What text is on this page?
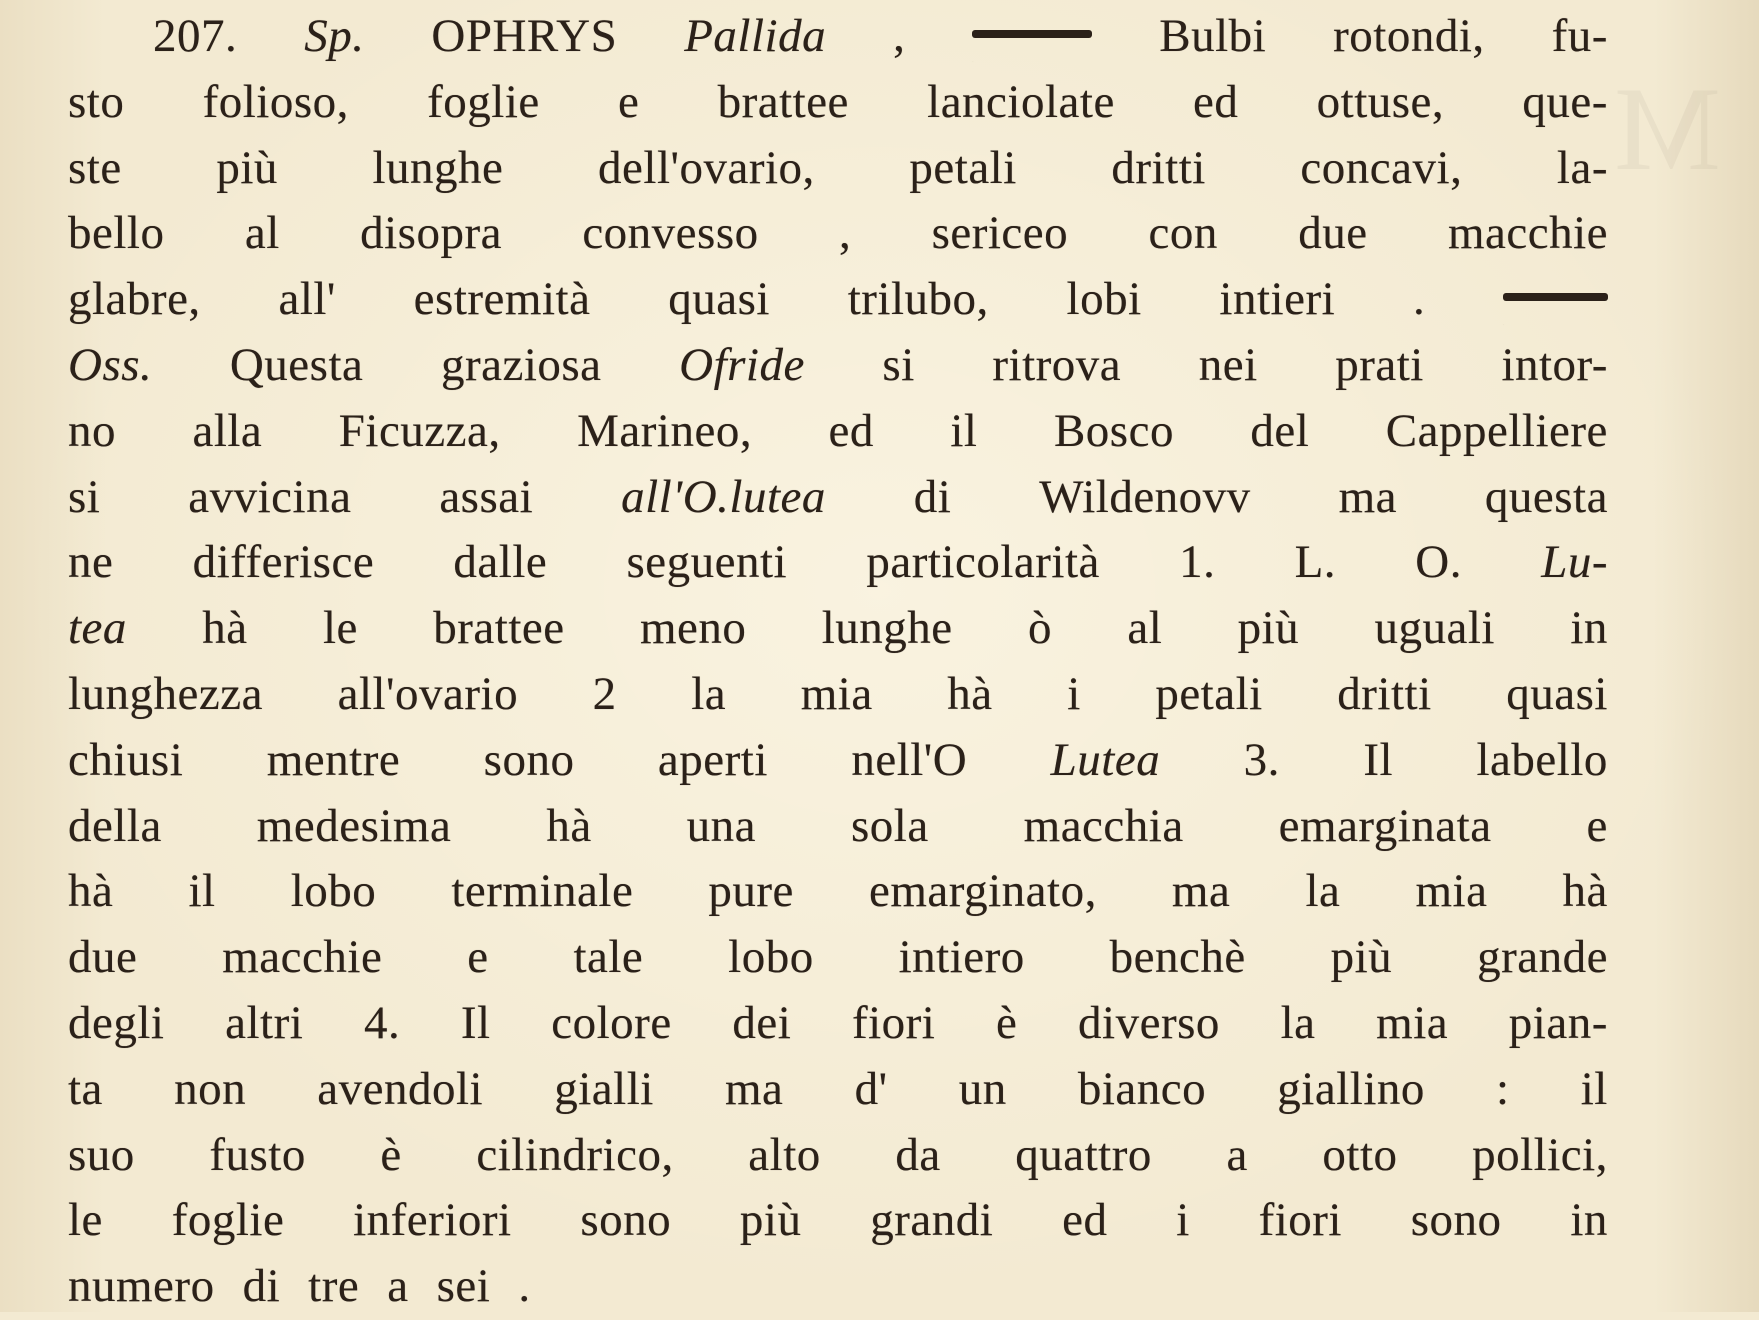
M
207. Sp. OPHRYS Pallida ,
—
Bulbi rotondi, fu-
sto folioso, foglie e brattee lanciolate ed ottuse, que-
ste più lunghe dell'ovario, petali dritti concavi, la-
bello al disopra convesso , sericeo con due macchie
glabre, all' estremità quasi trilubo, lobi intieri .
—
Oss. Questa graziosa Ofride si ritrova nei prati intor-
no alla Ficuzza, Marineo, ed il Bosco del Cappelliere
si avvicina assai all'O.lutea di Wildenovv ma questa
ne differisce dalle seguenti particolarità 1. L. O. Lu-
tea hà le brattee meno lunghe ò al più uguali in
lunghezza all'ovario 2 la mia hà i petali dritti quasi
chiusi mentre sono aperti nell'O Lutea 3. Il labello
della medesima hà una sola macchia emarginata e
hà il lobo terminale pure emarginato, ma la mia hà
due macchie e tale lobo intiero benchè più grande
degli altri 4. Il colore dei fiori è diverso la mia pian-
ta non avendoli gialli ma d' un bianco giallino : il
suo fusto è cilindrico, alto da quattro a otto pollici,
le foglie inferiori sono più grandi ed i fiori sono in
numero di tre a sei .
